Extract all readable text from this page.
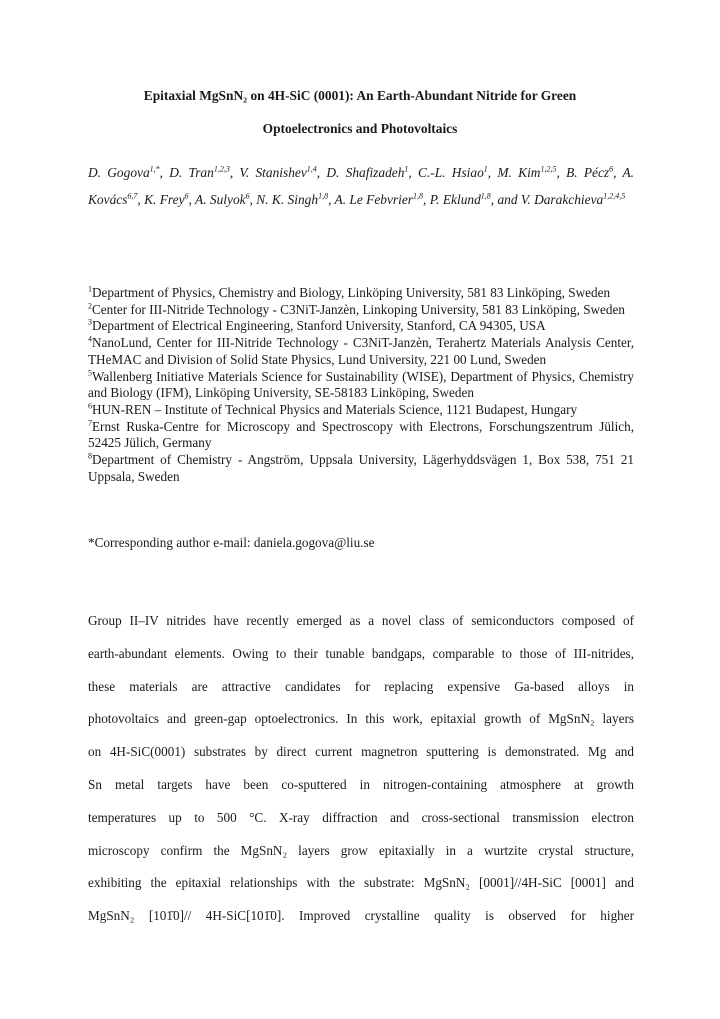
Epitaxial MgSnN₂ on 4H-SiC (0001): An Earth-Abundant Nitride for Green
Optoelectronics and Photovoltaics
D. Gogova$^{1,*}$, D. Tran$^{1,2,3}$, V. Stanishev$^{1,4}$, D. Shafizadeh$^1$, C.-L. Hsiao$^1$, M. Kim$^{1,2,5}$, B. Pécz$^6$, A. Kovács$^{6,7}$, K. Frey$^6$, A. Sulyok$^6$, N. K. Singh$^{1,8}$, A. Le Febvrier$^{1,8}$, P. Eklund$^{1,8}$, and V. Darakchieva$^{1,2,4,5}$
$^1$Department of Physics, Chemistry and Biology, Linköping University, 581 83 Linköping, Sweden
$^2$Center for III-Nitride Technology - C3NiT-Janzèn, Linkoping University, 581 83 Linköping, Sweden
$^3$Department of Electrical Engineering, Stanford University, Stanford, CA 94305, USA
$^4$NanoLund, Center for III-Nitride Technology - C3NiT-Janzèn, Terahertz Materials Analysis Center, THeMAC and Division of Solid State Physics, Lund University, 221 00 Lund, Sweden
$^5$Wallenberg Initiative Materials Science for Sustainability (WISE), Department of Physics, Chemistry and Biology (IFM), Linköping University, SE-58183 Linköping, Sweden
$^6$HUN-REN – Institute of Technical Physics and Materials Science, 1121 Budapest, Hungary
$^7$Ernst Ruska-Centre for Microscopy and Spectroscopy with Electrons, Forschungszentrum Jülich, 52425 Jülich, Germany
$^8$Department of Chemistry - Angström, Uppsala University, Lägerhyddsvägen 1, Box 538, 751 21 Uppsala, Sweden
*Corresponding author e-mail: daniela.gogova@liu.se
Group II–IV nitrides have recently emerged as a novel class of semiconductors composed of
earth-abundant elements. Owing to their tunable bandgaps, comparable to those of III-nitrides,
these materials are attractive candidates for replacing expensive Ga-based alloys in
photovoltaics and green-gap optoelectronics. In this work, epitaxial growth of MgSnN₂ layers
on 4H-SiC(0001) substrates by direct current magnetron sputtering is demonstrated. Mg and
Sn metal targets have been co-sputtered in nitrogen-containing atmosphere at growth
temperatures up to 500 °C. X-ray diffraction and cross-sectional transmission electron
microscopy confirm the MgSnN₂ layers grow epitaxially in a wurtzite crystal structure,
exhibiting the epitaxial relationships with the substrate: MgSnN₂ [0001]//4H-SiC [0001] and
MgSnN₂ [101̄0]// 4H-SiC[101̄0]. Improved crystalline quality is observed for higher
